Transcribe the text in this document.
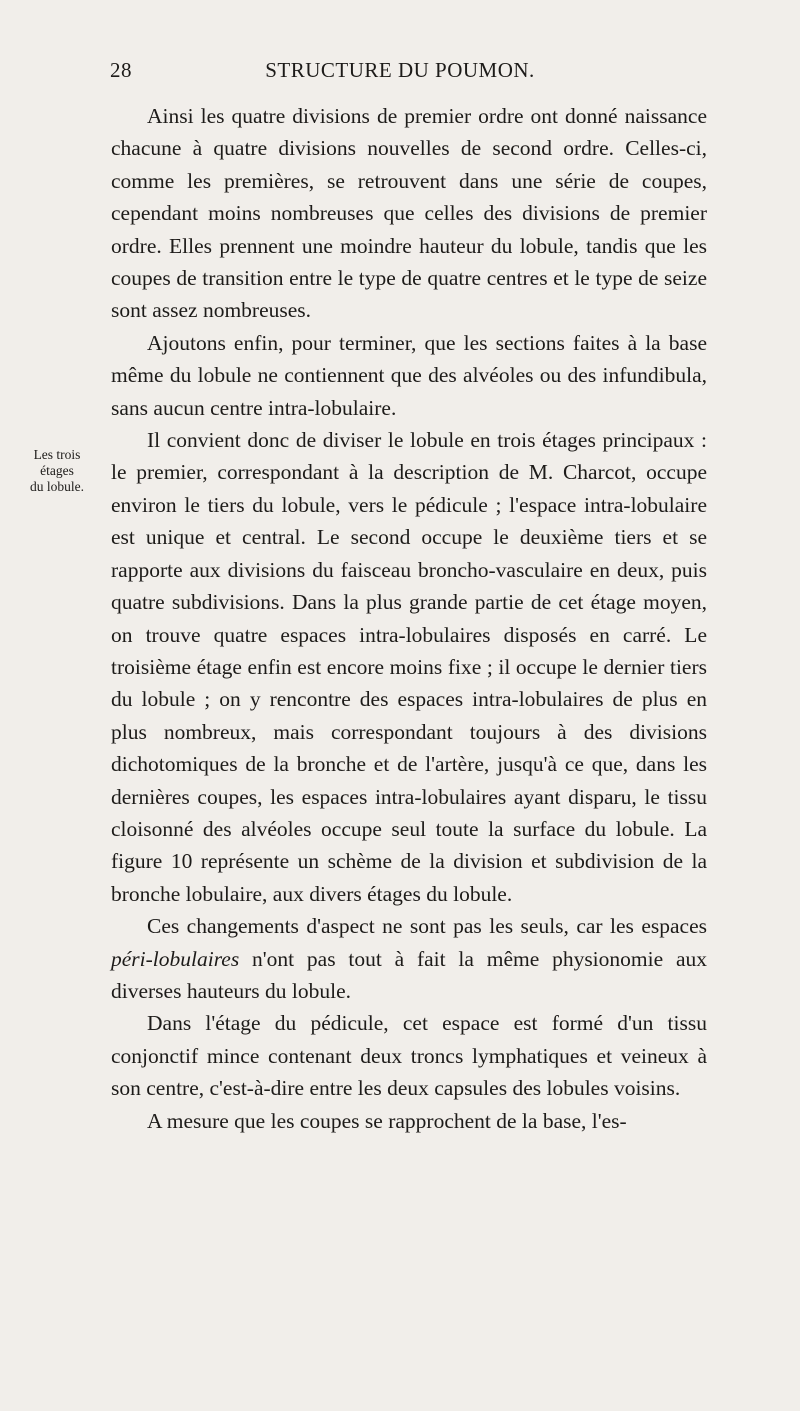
28	STRUCTURE DU POUMON.
Les trois
étages
du lobule.

Ainsi les quatre divisions de premier ordre ont donné naissance chacune à quatre divisions nouvelles de second ordre. Celles-ci, comme les premières, se retrouvent dans une série de coupes, cependant moins nombreuses que celles des divisions de premier ordre. Elles prennent une moindre hauteur du lobule, tandis que les coupes de transition entre le type de quatre centres et le type de seize sont assez nombreuses.

Ajoutons enfin, pour terminer, que les sections faites à la base même du lobule ne contiennent que des alvéoles ou des infundibula, sans aucun centre intra-lobulaire.

Il convient donc de diviser le lobule en trois étages principaux : le premier, correspondant à la description de M. Charcot, occupe environ le tiers du lobule, vers le pédicule ; l'espace intra-lobulaire est unique et central. Le second occupe le deuxième tiers et se rapporte aux divisions du faisceau broncho-vasculaire en deux, puis quatre subdivisions. Dans la plus grande partie de cet étage moyen, on trouve quatre espaces intra-lobulaires disposés en carré. Le troisième étage enfin est encore moins fixe ; il occupe le dernier tiers du lobule ; on y rencontre des espaces intra-lobulaires de plus en plus nombreux, mais correspondant toujours à des divisions dichotomiques de la bronche et de l'artère, jusqu'à ce que, dans les dernières coupes, les espaces intra-lobulaires ayant disparu, le tissu cloisonné des alvéoles occupe seul toute la surface du lobule. La figure 10 représente un schème de la division et subdivision de la bronche lobulaire, aux divers étages du lobule.

Ces changements d'aspect ne sont pas les seuls, car les espaces péri-lobulaires n'ont pas tout à fait la même physionomie aux diverses hauteurs du lobule.

Dans l'étage du pédicule, cet espace est formé d'un tissu conjonctif mince contenant deux troncs lymphatiques et veineux à son centre, c'est-à-dire entre les deux capsules des lobules voisins.

A mesure que les coupes se rapprochent de la base, l'es-
